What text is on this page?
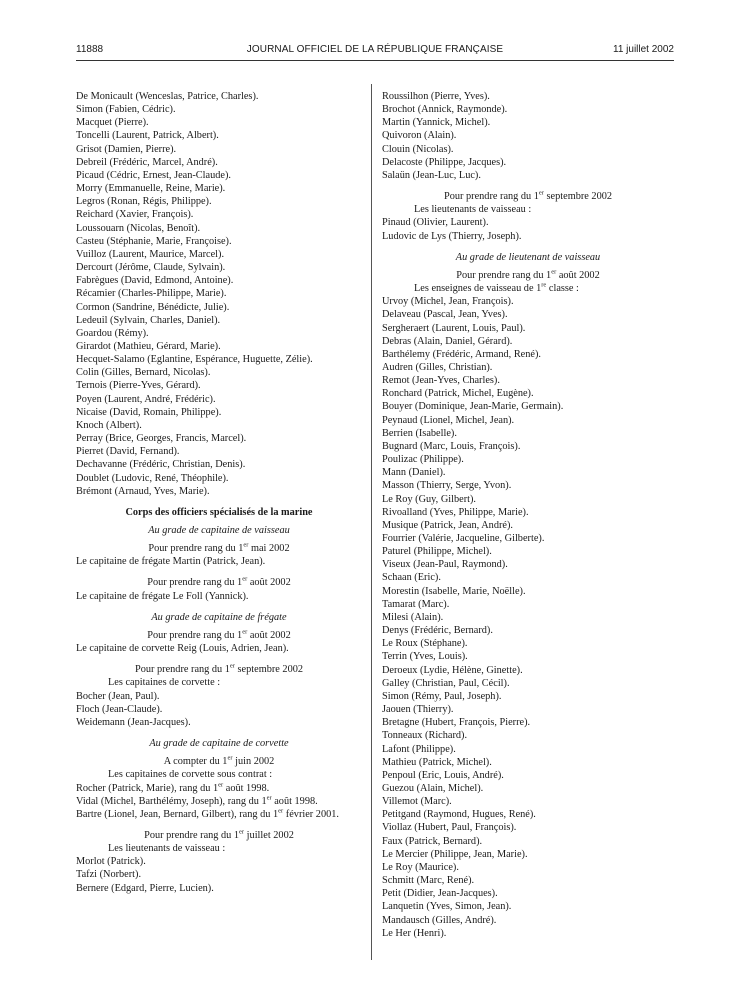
11888	JOURNAL OFFICIEL DE LA RÉPUBLIQUE FRANÇAISE	11 juillet 2002
De Monicault (Wenceslas, Patrice, Charles).
Simon (Fabien, Cédric).
Macquet (Pierre).
Toncelli (Laurent, Patrick, Albert).
Grisot (Damien, Pierre).
Debreil (Frédéric, Marcel, André).
Picaud (Cédric, Ernest, Jean-Claude).
Morry (Emmanuelle, Reine, Marie).
Legros (Ronan, Régis, Philippe).
Reichard (Xavier, François).
Loussouarn (Nicolas, Benoît).
Casteu (Stéphanie, Marie, Françoise).
Vuilloz (Laurent, Maurice, Marcel).
Dercourt (Jérôme, Claude, Sylvain).
Fabrègues (David, Edmond, Antoine).
Récamier (Charles-Philippe, Marie).
Cormon (Sandrine, Bénédicte, Julie).
Ledeuil (Sylvain, Charles, Daniel).
Goardou (Rémy).
Girardot (Mathieu, Gérard, Marie).
Hecquet-Salamo (Eglantine, Espérance, Huguette, Zélie).
Colin (Gilles, Bernard, Nicolas).
Ternois (Pierre-Yves, Gérard).
Poyen (Laurent, André, Frédéric).
Nicaise (David, Romain, Philippe).
Knoch (Albert).
Perray (Brice, Georges, Francis, Marcel).
Pierret (David, Fernand).
Dechavanne (Frédéric, Christian, Denis).
Doublet (Ludovic, René, Théophile).
Brémont (Arnaud, Yves, Marie).
Corps des officiers spécialisés de la marine
Au grade de capitaine de vaisseau
Pour prendre rang du 1er mai 2002
Le capitaine de frégate Martin (Patrick, Jean).
Pour prendre rang du 1er août 2002
Le capitaine de frégate Le Foll (Yannick).
Au grade de capitaine de frégate
Pour prendre rang du 1er août 2002
Le capitaine de corvette Reig (Louis, Adrien, Jean).
Pour prendre rang du 1er septembre 2002
Les capitaines de corvette :
Bocher (Jean, Paul).
Floch (Jean-Claude).
Weidemann (Jean-Jacques).
Au grade de capitaine de corvette
A compter du 1er juin 2002
Les capitaines de corvette sous contrat :
Rocher (Patrick, Marie), rang du 1er août 1998.
Vidal (Michel, Barthélémy, Joseph), rang du 1er août 1998.
Bartre (Lionel, Jean, Bernard, Gilbert), rang du 1er février 2001.
Pour prendre rang du 1er juillet 2002
Les lieutenants de vaisseau :
Morlot (Patrick).
Tafzi (Norbert).
Bernere (Edgard, Pierre, Lucien).
Roussilhon (Pierre, Yves).
Brochot (Annick, Raymonde).
Martin (Yannick, Michel).
Quivoron (Alain).
Clouin (Nicolas).
Delacoste (Philippe, Jacques).
Salaün (Jean-Luc, Luc).
Pour prendre rang du 1er septembre 2002
Les lieutenants de vaisseau :
Pinaud (Olivier, Laurent).
Ludovic de Lys (Thierry, Joseph).
Au grade de lieutenant de vaisseau
Pour prendre rang du 1er août 2002
Les enseignes de vaisseau de 1re classe :
Urvoy (Michel, Jean, François).
Delaveau (Pascal, Jean, Yves).
Sergheraert (Laurent, Louis, Paul).
Debras (Alain, Daniel, Gérard).
Barthélemy (Frédéric, Armand, René).
Audren (Gilles, Christian).
Remot (Jean-Yves, Charles).
Ronchard (Patrick, Michel, Eugène).
Bouyer (Dominique, Jean-Marie, Germain).
Peynaud (Lionel, Michel, Jean).
Berrien (Isabelle).
Bugnard (Marc, Louis, François).
Poulizac (Philippe).
Mann (Daniel).
Masson (Thierry, Serge, Yvon).
Le Roy (Guy, Gilbert).
Rivoalland (Yves, Philippe, Marie).
Musique (Patrick, Jean, André).
Fourrier (Valérie, Jacqueline, Gilberte).
Paturel (Philippe, Michel).
Viseux (Jean-Paul, Raymond).
Schaan (Eric).
Morestin (Isabelle, Marie, Noëlle).
Tamarat (Marc).
Milesi (Alain).
Denys (Frédéric, Bernard).
Le Roux (Stéphane).
Terrin (Yves, Louis).
Deroeux (Lydie, Hélène, Ginette).
Galley (Christian, Paul, Cécil).
Simon (Rémy, Paul, Joseph).
Jaouen (Thierry).
Bretagne (Hubert, François, Pierre).
Tonneaux (Richard).
Lafont (Philippe).
Mathieu (Patrick, Michel).
Penpoul (Eric, Louis, André).
Guezou (Alain, Michel).
Villemot (Marc).
Petitgand (Raymond, Hugues, René).
Viollaz (Hubert, Paul, François).
Faux (Patrick, Bernard).
Le Mercier (Philippe, Jean, Marie).
Le Roy (Maurice).
Schmitt (Marc, René).
Petit (Didier, Jean-Jacques).
Lanquetin (Yves, Simon, Jean).
Mandausch (Gilles, André).
Le Her (Henri).
